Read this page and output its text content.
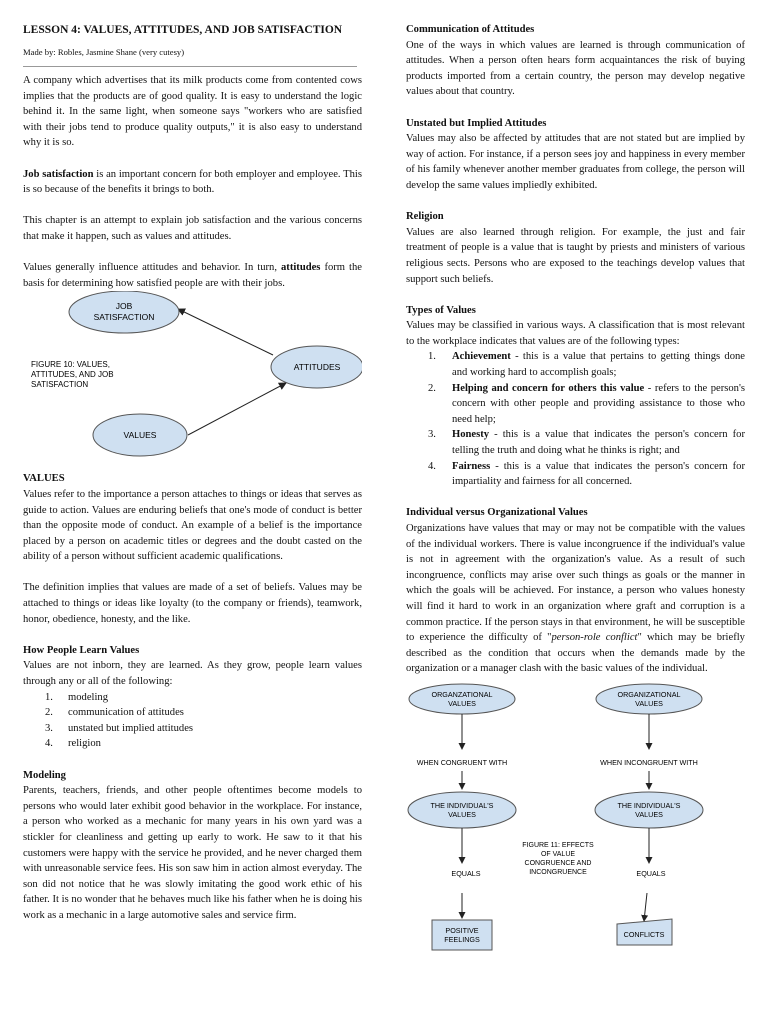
LESSON 4: VALUES, ATTITUDES, AND JOB SATISFACTION
Made by: Robles, Jasmine Shane (very cutesy)

A company which advertises that its milk products come from contented cows implies that the products are of good quality. It is easy to understand the logic behind it. In the same light, when someone says "workers who are satisfied with their jobs tend to produce quality outputs," it is also easy to understand why it is so.

Job satisfaction is an important concern for both employer and employee. This is so because of the benefits it brings to both.

This chapter is an attempt to explain job satisfaction and the various concerns that make it happen, such as values and attitudes.

Values generally influence attitudes and behavior. In turn, attitudes form the basis for determining how satisfied people are with their jobs.

JOB
SATISFACTION
ATTITUDES
VALUES
FIGURE 10: VALUES,
ATTITUDES, AND JOB
SATISFACTION

VALUES

Values refer to the importance a person attaches to things or ideas that serves as guide to action. Values are enduring beliefs that one's mode of conduct is better than the opposite mode of conduct. An example of a belief is the importance placed by a person on academic titles or degrees and the doubt casted on the ability of a person without sufficient academic qualifications.

The definition implies that values are made of a set of beliefs. Values may be attached to things or ideas like loyalty (to the company or friends), teamwork, honor, obedience, honesty, and the like.

How People Learn Values

Values are not inborn, they are learned. As they grow, people learn values through any or all of the following:

1. modeling
2. communication of attitudes
3. unstated but implied attitudes
4. religion

Modeling

Parents, teachers, friends, and other people oftentimes become models to persons who would later exhibit good behavior in the workplace. For instance, a person who worked as a mechanic for many years in his own yard was a stickler for cleanliness and getting up early to work. He saw to it that his customers were happy with the service he provided, and he never charged them with unreasonable service fees. His son saw him in action almost everyday. The son did not notice that he was slowly imitating the good work ethic of his father. It is no wonder that he behaves much like his father when he is doing his work as a mechanic in a large automotive sales and service firm.

Communication of Attitudes

One of the ways in which values are learned is through communication of attitudes. When a person often hears form acquaintances the risk of buying products imported from a certain country, the person may develop negative values about that country.

Unstated but Implied Attitudes

Values may also be affected by attitudes that are not stated but are implied by way of action. For instance, if a person sees joy and happiness in every member of his family whenever another member graduates from college, the person will develop the same values impliedly exhibited.

Religion

Values are also learned through religion. For example, the just and fair treatment of people is a value that is taught by priests and ministers of various religious sects. Persons who are exposed to the teachings develop values that support such beliefs.

Types of Values

Values may be classified in various ways. A classification that is most relevant to the workplace indicates that values are of the following types:

1. Achievement - this is a value that pertains to getting things done and working hard to accomplish goals;
2. Helping and concern for others this value - refers to the person's concern with other people and providing assistance to those who need help;
3. Honesty - this is a value that indicates the person's concern for telling the truth and doing what he thinks is right; and
4. Fairness - this is a value that indicates the person's concern for impartiality and fairness for all concerned.

Individual versus Organizational Values

Organizations have values that may or may not be compatible with the values of the individual workers. There is value incongruence if the individual's value is not in agreement with the organization's value. As a result of such incongruence, conflicts may arise over such things as goals or the manner in which the goals will be achieved. For instance, a person who values honesty will find it hard to work in an organization where graft and corruption is a common practice. If the person stays in that environment, he will be susceptible to experience the difficulty of "person-role conflict" which may be briefly described as the condition that occurs when the demands made by the organization or a manager clash with the basic values of the individual.

ORGANZATIONAL
VALUES
WHEN CONGRUENT WITH
THE INDIVIDUAL'S
VALUES
EQUALS
POSITIVE
FEELINGS
ORGANIZATIONAL
VALUES
WHEN INCONGRUENT WITH
THE INDIVIDUAL'S
VALUES
EQUALS
CONFLICTS
FIGURE 11: EFFECTS
OF VALUE
CONGRUENCE AND
INCONGRUENCE
